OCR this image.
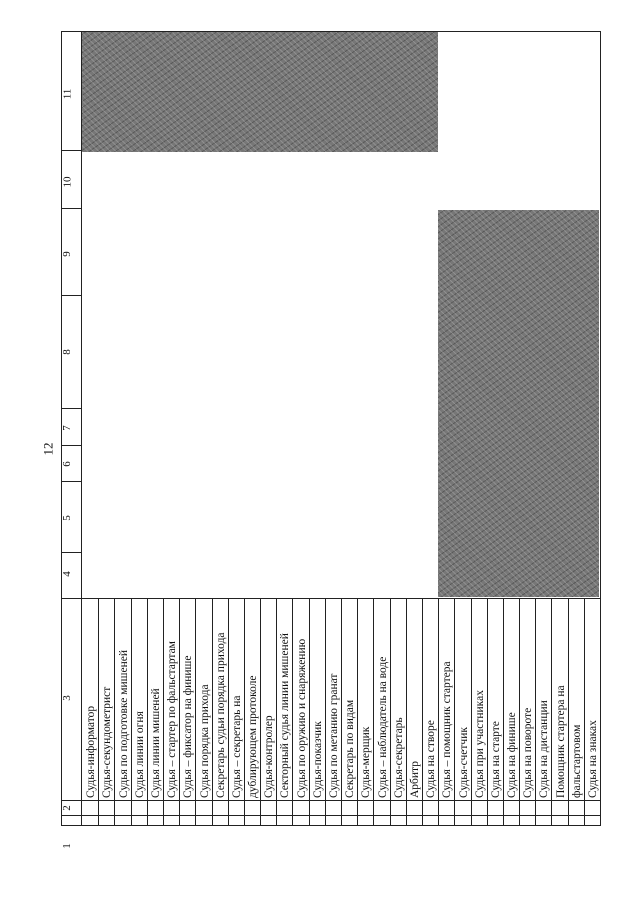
12
1
2
3
4
5
6
7
8
9
10
11
Судья-информатор Судья-секундометрист Судья по подготовке мишеней Судья линии огня Судья линии мишеней Судья – стартер по фальстартам Судья – фиксатор на финише Судья порядка прихода Секретарь судьи порядка прихода Судья – секретарь на дублирующем протоколе Судья-контролер Секторный судья линии мишеней Судья по оружию и снаряжению Судья-показчик Судья по метанию гранат Секретарь по видам Судья-мерщик Судья – наблюдатель на воде Судья-секретарь Арбитр Судья на створе Судья – помощник стартера Судья-счетчик Судья при участниках Судья на старте Судья на финише Судья на повороте Судья на дистанции Помощник стартера на фальстартовом Судья на знаках
